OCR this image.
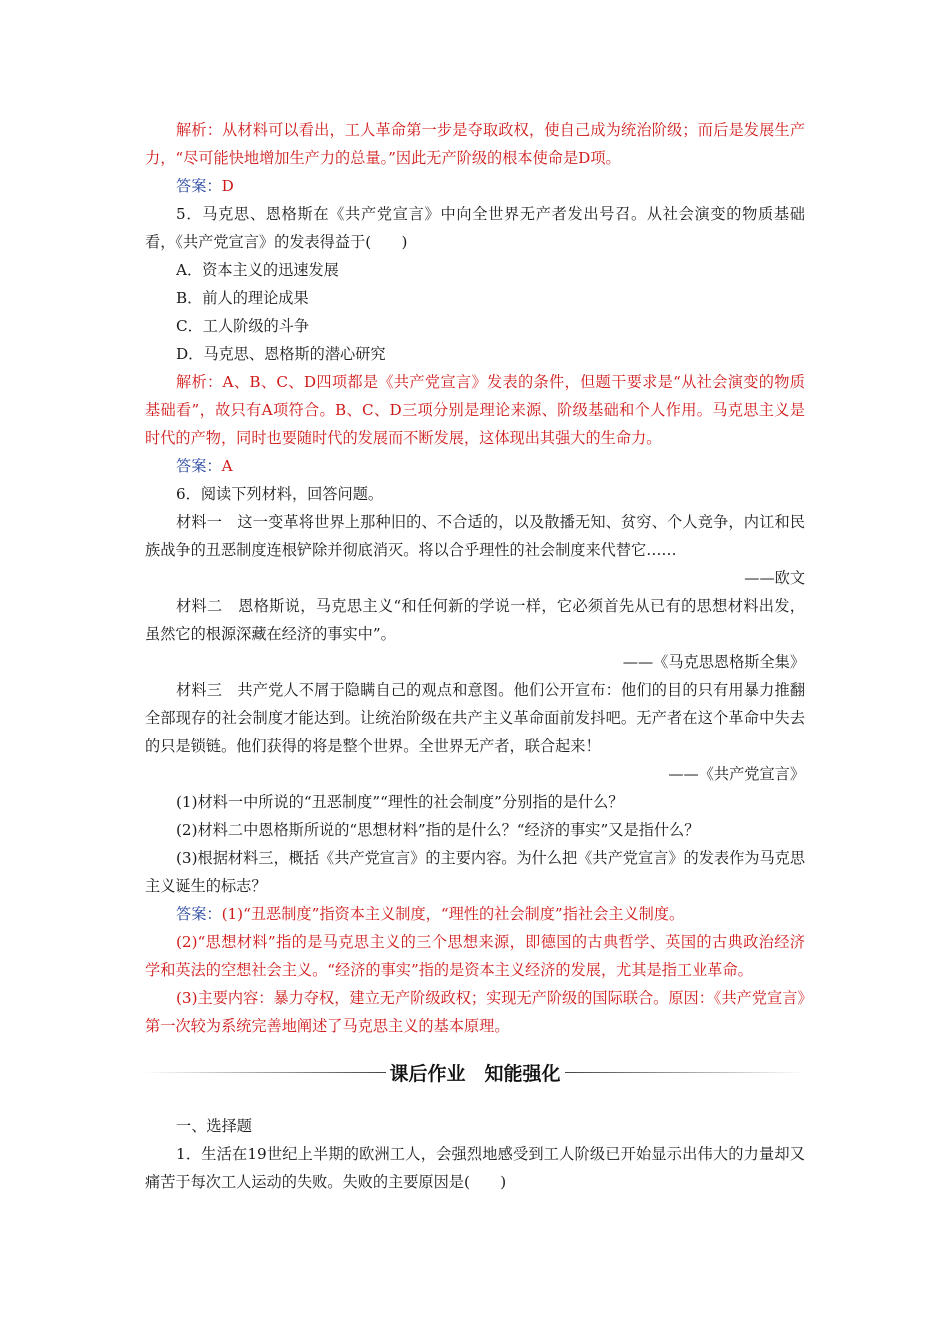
解析：从材料可以看出，工人革命第一步是夺取政权，使自己成为统治阶级；而后是发展生产力，“尽可能快地增加生产力的总量。”因此无产阶级的根本使命是D项。

答案：D

5．马克思、恩格斯在《共产党宣言》中向全世界无产者发出号召。从社会演变的物质基础看，《共产党宣言》的发表得益于(　　)

A．资本主义的迅速发展

B．前人的理论成果

C．工人阶级的斗争

D．马克思、恩格斯的潜心研究

解析：A、B、C、D四项都是《共产党宣言》发表的条件，但题干要求是“从社会演变的物质基础看”，故只有A项符合。B、C、D三项分别是理论来源、阶级基础和个人作用。马克思主义是时代的产物，同时也要随时代的发展而不断发展，这体现出其强大的生命力。

答案：A

6．阅读下列材料，回答问题。

材料一　这一变革将世界上那种旧的、不合适的，以及散播无知、贫穷、个人竞争，内讧和民族战争的丑恶制度连根铲除并彻底消灭。将以合乎理性的社会制度来代替它……

——欧文

材料二　恩格斯说，马克思主义“和任何新的学说一样，它必须首先从已有的思想材料出发，虽然它的根源深藏在经济的事实中”。

——《马克思恩格斯全集》

材料三　共产党人不屑于隐瞒自己的观点和意图。他们公开宣布：他们的目的只有用暴力推翻全部现存的社会制度才能达到。让统治阶级在共产主义革命面前发抖吧。无产者在这个革命中失去的只是锁链。他们获得的将是整个世界。全世界无产者，联合起来！

——《共产党宣言》

(1)材料一中所说的“丑恶制度”“理性的社会制度”分别指的是什么？

(2)材料二中恩格斯所说的“思想材料”指的是什么？“经济的事实”又是指什么？

(3)根据材料三，概括《共产党宣言》的主要内容。为什么把《共产党宣言》的发表作为马克思主义诞生的标志？

答案：(1)“丑恶制度”指资本主义制度，“理性的社会制度”指社会主义制度。

(2)“思想材料”指的是马克思主义的三个思想来源，即德国的古典哲学、英国的古典政治经济学和英法的空想社会主义。“经济的事实”指的是资本主义经济的发展，尤其是指工业革命。

(3)主要内容：暴力夺权，建立无产阶级政权；实现无产阶级的国际联合。原因：《共产党宣言》第一次较为系统完善地阐述了马克思主义的基本原理。

课后作业　知能强化

一、选择题

1．生活在19世纪上半期的欧洲工人，会强烈地感受到工人阶级已开始显示出伟大的力量却又痛苦于每次工人运动的失败。失败的主要原因是(　　)
